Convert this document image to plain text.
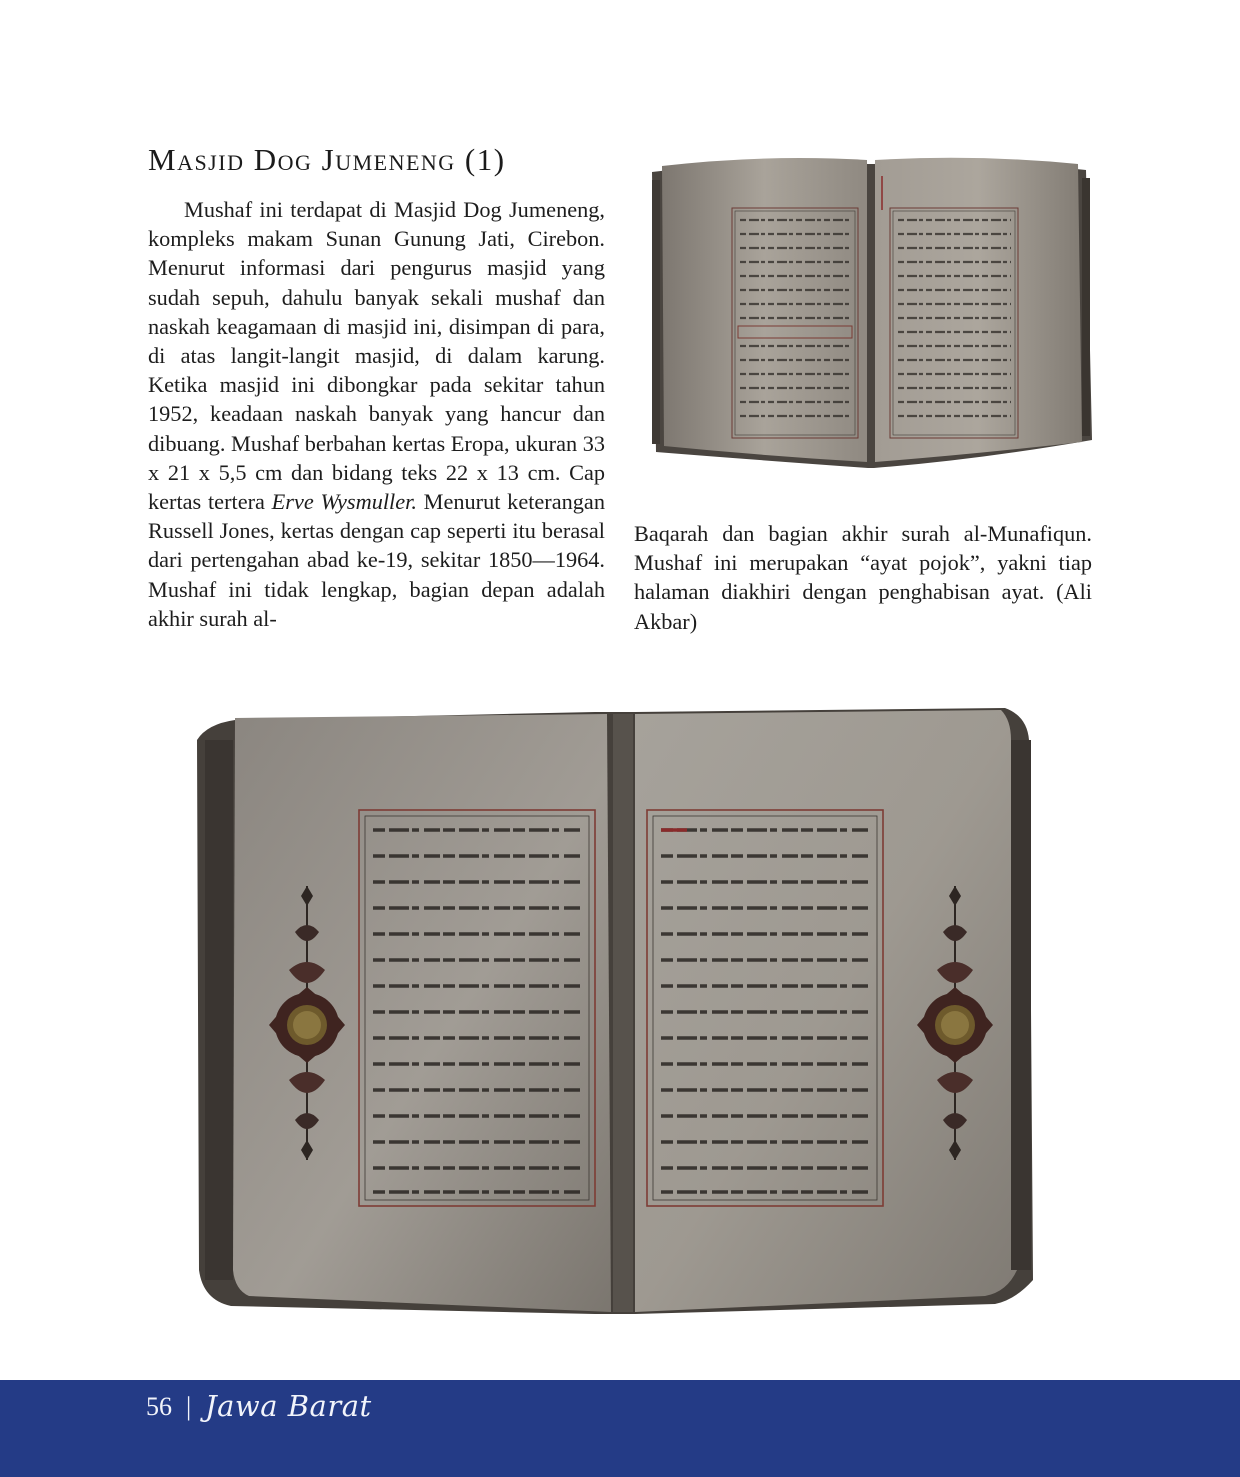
Masjid Dog Jumeneng (1)

Mushaf ini terdapat di Masjid Dog Jumeneng, kompleks makam Sunan Gunung Jati, Cirebon. Menurut informasi dari pengurus masjid yang sudah sepuh, dahulu banyak sekali mushaf dan naskah keagamaan di masjid ini, disimpan di para, di atas langit-langit masjid, di dalam karung. Ketika masjid ini dibongkar pada sekitar tahun 1952, keadaan naskah banyak yang hancur dan dibuang. Mushaf berbahan kertas Eropa, ukuran 33 x 21 x 5,5 cm dan bidang teks 22 x 13 cm. Cap kertas tertera Erve Wysmuller. Menurut keterangan Russell Jones, kertas dengan cap seperti itu berasal dari pertengahan abad ke-19, sekitar 1850—1964. Mushaf ini tidak lengkap, bagian depan adalah akhir surah al-

Baqarah dan bagian akhir surah al-Munafiqun. Mushaf ini merupakan “ayat pojok”, yakni tiap halaman diakhiri dengan penghabisan ayat. (Ali Akbar)

56 | Jawa Barat
